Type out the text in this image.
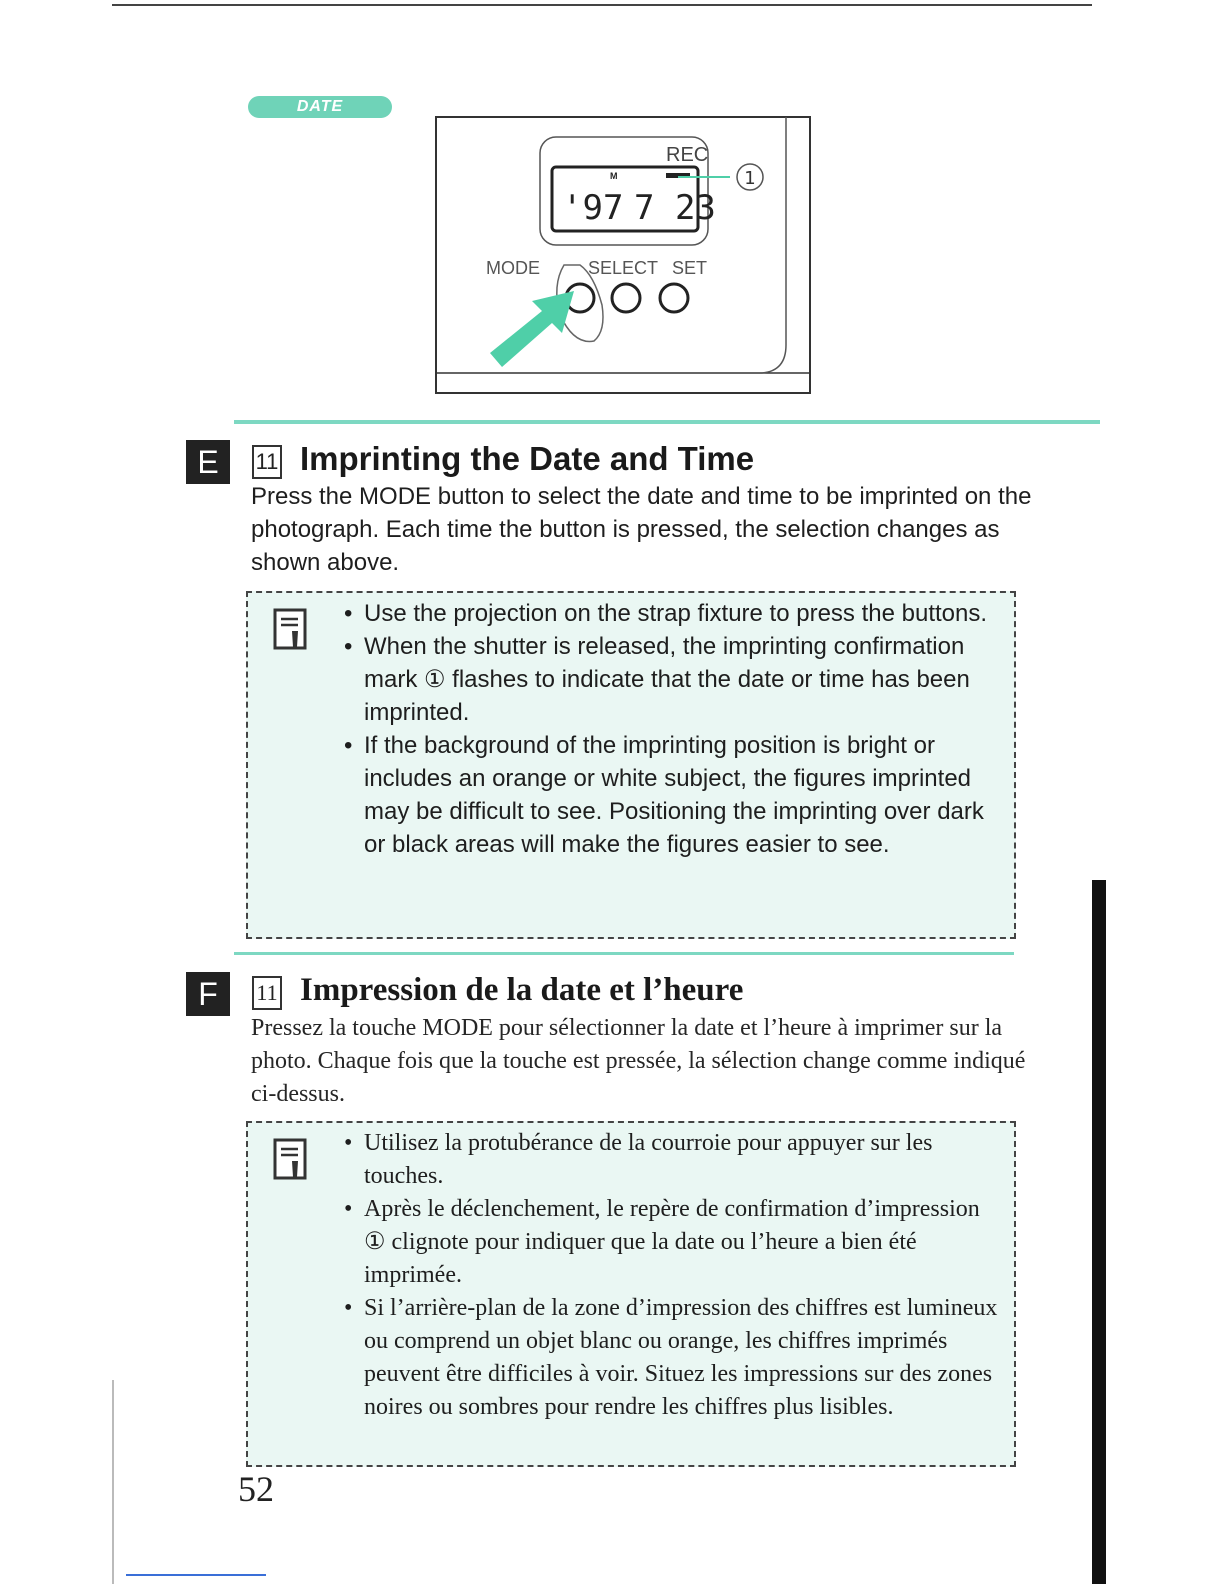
DATE
REC
M
'97 7 23
1
MODE	SELECT SET
E	11 Imprinting the Date and Time
Press the MODE button to select the date and time to be imprinted on the photograph. Each time the button is pressed, the selection changes as shown above.
• Use the projection on the strap fixture to press the buttons.
• When the shutter is released, the imprinting confirmation mark ① flashes to indicate that the date or time has been imprinted.
• If the background of the imprinting position is bright or includes an orange or white subject, the figures imprinted may be difficult to see. Positioning the imprinting over dark or black areas will make the figures easier to see.
F	11 Impression de la date et l’heure
Pressez la touche MODE pour sélectionner la date et l’heure à imprimer sur la photo. Chaque fois que la touche est pressée, la sélection change comme indiqué ci-dessus.
• Utilisez la protubérance de la courroie pour appuyer sur les touches.
• Après le déclenchement, le repère de confirmation d’impression ① clignote pour indiquer que la date ou l’heure a bien été imprimée.
• Si l’arrière-plan de la zone d’impression des chiffres est lumineux ou comprend un objet blanc ou orange, les chiffres imprimés peuvent être difficiles à voir. Situez les impressions sur des zones noires ou sombres pour rendre les chiffres plus lisibles.
52
